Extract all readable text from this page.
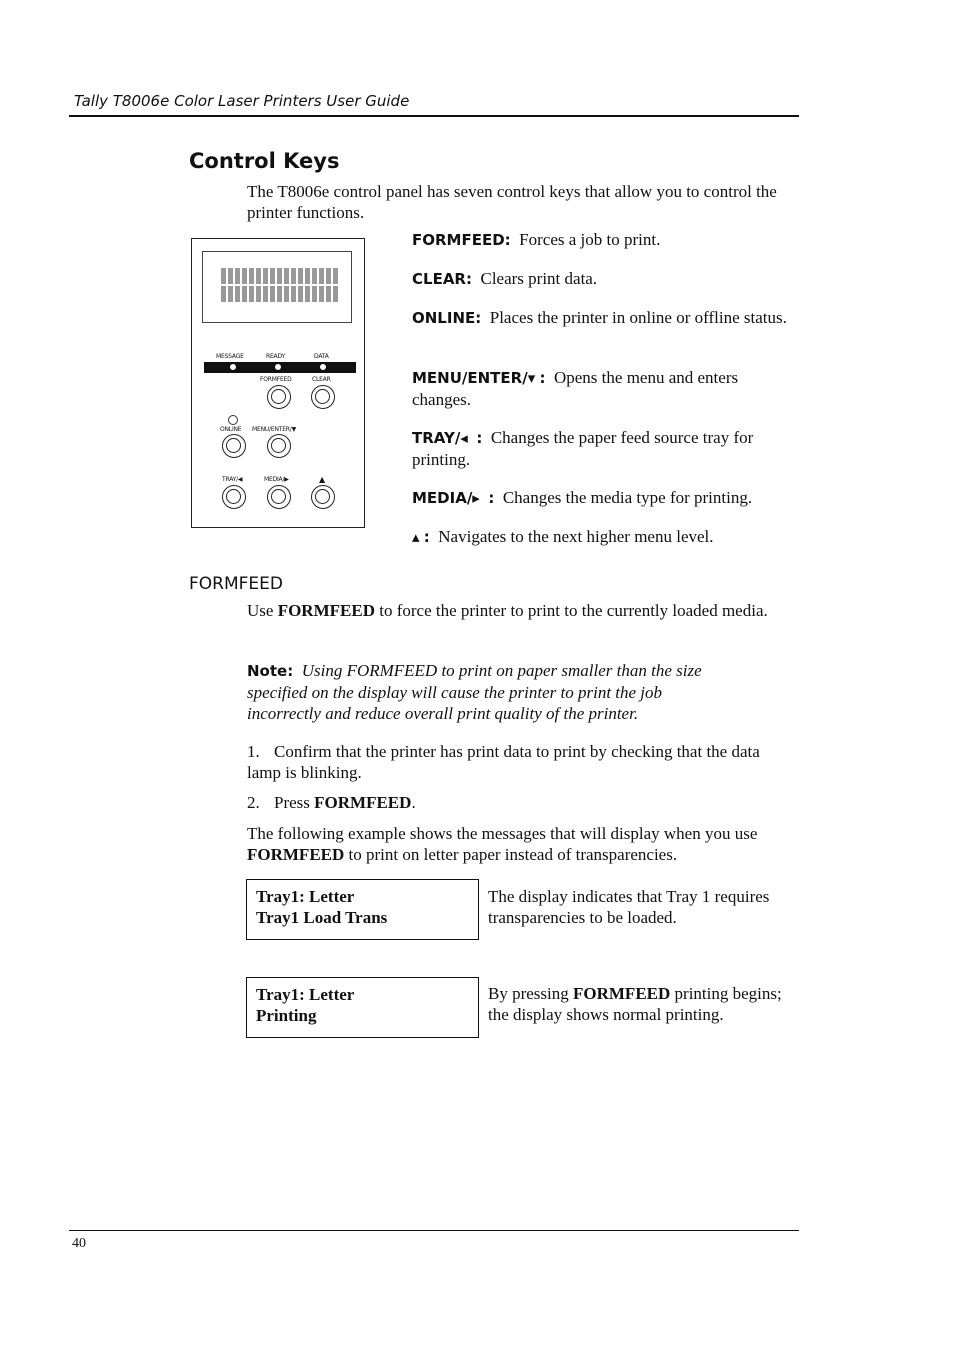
Tally T8006e Color Laser Printers User Guide
Control Keys
The T8006e control panel has seven control keys that allow you to control the printer functions.
MESSAGE	READY	DATA
FORMFEED	CLEAR
ONLINE MENU/ENTER/▼
TRAY/◀	MEDIA/▶	▲
FORMFEED: Forces a job to print.
CLEAR: Clears print data.
ONLINE: Places the printer in online or offline status.
MENU/ENTER/▾ : Opens the menu and enters changes.
TRAY/◂ : Changes the paper feed source tray for printing.
MEDIA/▸ : Changes the media type for printing.
▴ : Navigates to the next higher menu level.
FORMFEED
Use FORMFEED to force the printer to print to the currently loaded media.
Note: Using FORMFEED to print on paper smaller than the size specified on the display will cause the printer to print the job incorrectly and reduce overall print quality of the printer.
1. Confirm that the printer has print data to print by checking that the data lamp is blinking.
2. Press FORMFEED.
The following example shows the messages that will display when you use FORMFEED to print on letter paper instead of transparencies.
Tray1: Letter
Tray1 Load Trans
The display indicates that Tray 1 requires transparencies to be loaded.
Tray1: Letter
Printing
By pressing FORMFEED printing begins; the display shows normal printing.
40
